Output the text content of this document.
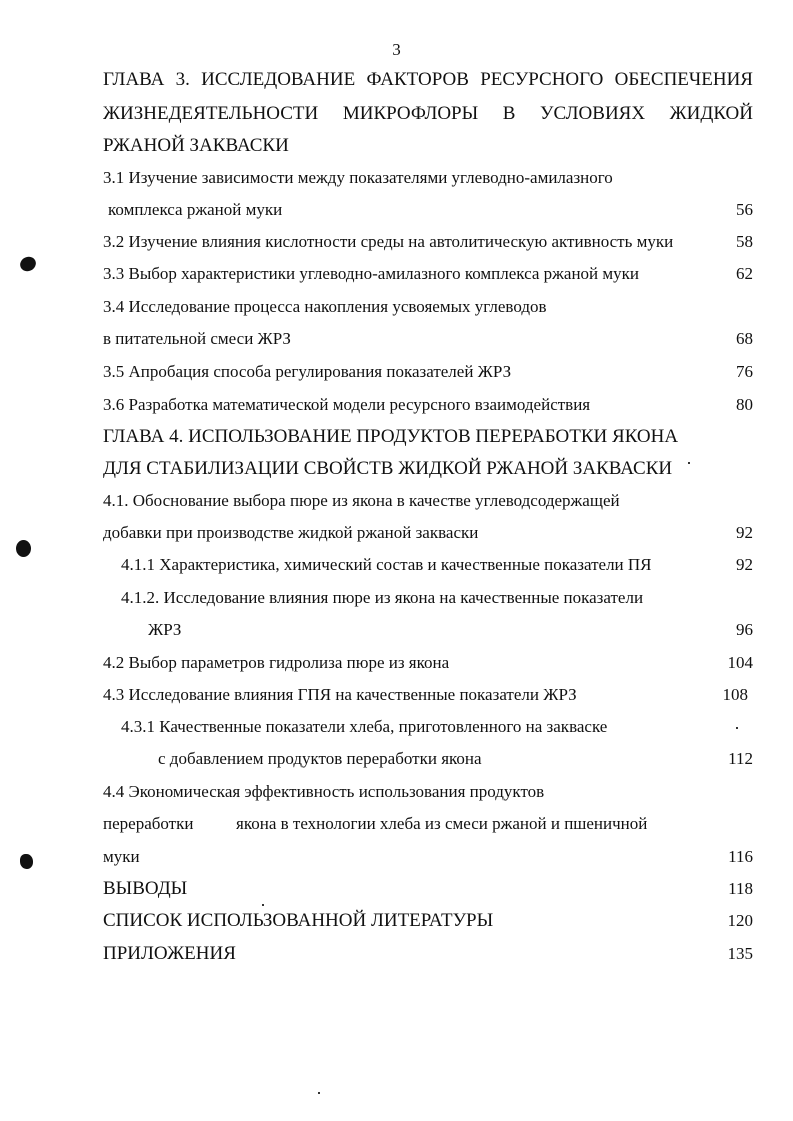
3
ГЛАВА 3. ИССЛЕДОВАНИЕ ФАКТОРОВ РЕСУРСНОГО ОБЕСПЕЧЕНИЯ
ЖИЗНЕДЕЯТЕЛЬНОСТИ МИКРОФЛОРЫ В УСЛОВИЯХ ЖИДКОЙ
РЖАНОЙ ЗАКВАСКИ
3.1 Изучение зависимости между показателями углеводно-амилазного
комплекса ржаной муки	56
3.2 Изучение влияния кислотности среды на автолитическую активность муки	58
3.3 Выбор характеристики углеводно-амилазного комплекса ржаной муки	62
3.4 Исследование процесса накопления усвояемых углеводов
в питательной смеси ЖРЗ	68
3.5 Апробация способа регулирования показателей ЖРЗ	76
3.6 Разработка математической модели ресурсного взаимодействия	80
ГЛАВА 4. ИСПОЛЬЗОВАНИЕ ПРОДУКТОВ ПЕРЕРАБОТКИ ЯКОНА
ДЛЯ СТАБИЛИЗАЦИИ СВОЙСТВ ЖИДКОЙ РЖАНОЙ ЗАКВАСКИ
4.1. Обоснование выбора пюре из якона в качестве углеводсодержащей
добавки при производстве жидкой ржаной закваски	92
4.1.1 Характеристика, химический состав и качественные показатели ПЯ	92
4.1.2. Исследование влияния пюре из якона на качественные показатели
ЖРЗ	96
4.2 Выбор параметров гидролиза пюре из якона	104
4.3 Исследование влияния ГПЯ на качественные показатели ЖРЗ	108
4.3.1 Качественные показатели хлеба, приготовленного на закваске
с добавлением продуктов переработки якона	112
4.4 Экономическая эффективность использования продуктов
переработки	якона в технологии хлеба из смеси ржаной и пшеничной
муки	116
ВЫВОДЫ	118
СПИСОК ИСПОЛЬЗОВАННОЙ ЛИТЕРАТУРЫ	120
ПРИЛОЖЕНИЯ	135
